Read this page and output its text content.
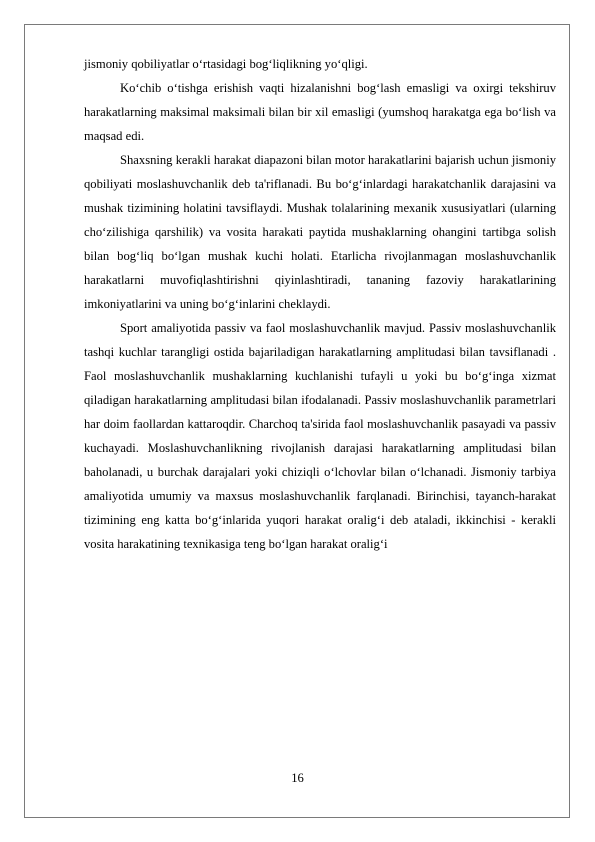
jismoniy qobiliyatlar o‘rtasidagi bog‘liqlikning yo‘qligi.

Ko‘chib o‘tishga erishish vaqti hizalanishni bog‘lash emasligi va oxirgi tekshiruv harakatlarning maksimal maksimali bilan bir xil emasligi (yumshoq harakatga ega bo‘lish va maqsad edi.

Shaxsning kerakli harakat diapazoni bilan motor harakatlarini bajarish uchun jismoniy qobiliyati moslashuvchanlik deb ta'riflanadi. Bu bo‘g‘inlardagi harakatchanlik darajasini va mushak tizimining holatini tavsiflaydi. Mushak tolalarining mexanik xususiyatlari (ularning cho‘zilishiga qarshilik) va vosita harakati paytida mushaklarning ohangini tartibga solish bilan bog‘liq bo‘lgan mushak kuchi holati. Etarlicha rivojlanmagan moslashuvchanlik harakatlarni muvofiqlashtirishni qiyinlashtiradi, tananing fazoviy harakatlarining imkoniyatlarini va uning bo‘g‘inlarini cheklaydi.

Sport amaliyotida passiv va faol moslashuvchanlik mavjud. Passiv moslashuvchanlik tashqi kuchlar tarangligi ostida bajariladigan harakatlarning amplitudasi bilan tavsiflanadi . Faol moslashuvchanlik mushaklarning kuchlanishi tufayli u yoki bu bo‘g‘inga xizmat qiladigan harakatlarning amplitudasi bilan ifodalanadi. Passiv moslashuvchanlik parametrlari har doim faollardan kattaroqdir. Charchoq ta'sirida faol moslashuvchanlik pasayadi va passiv kuchayadi. Moslashuvchanlikning rivojlanish darajasi harakatlarning amplitudasi bilan baholanadi, u burchak darajalari yoki chiziqli o‘lchovlar bilan o‘lchanadi. Jismoniy tarbiya amaliyotida umumiy va maxsus moslashuvchanlik farqlanadi. Birinchisi, tayanch-harakat tizimining eng katta bo‘g‘inlarida yuqori harakat oralig‘i deb ataladi, ikkinchisi - kerakli vosita harakatining texnikasiga teng bo‘lgan harakat oralig‘i

16
